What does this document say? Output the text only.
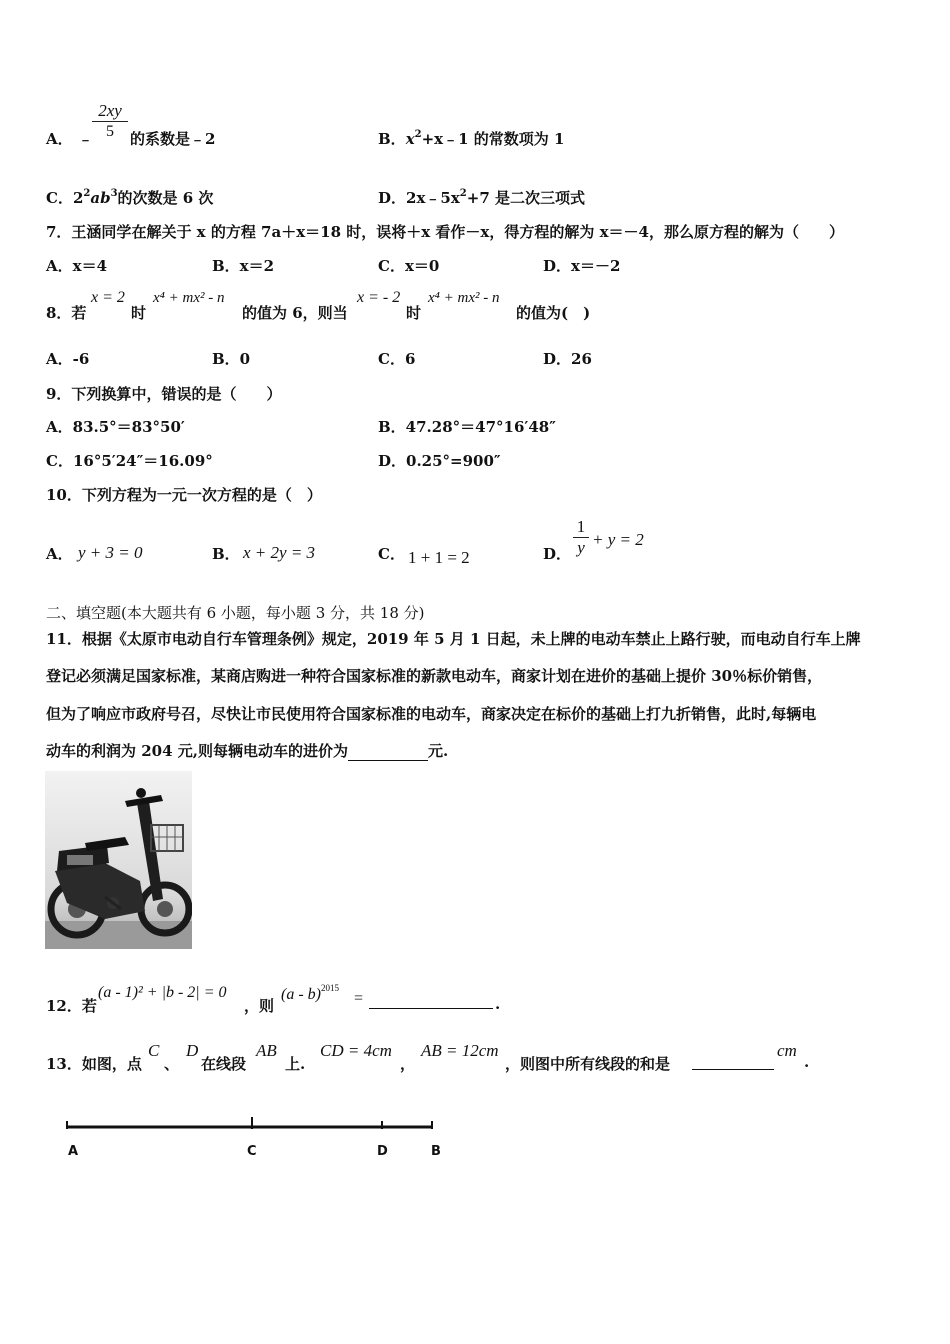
A． ﹣
2xy
5	的系数是﹣2	B．$x^2+x﹣1$ 的常数项为 1
C．$2^2ab^3$的次数是 6 次	D．$2x﹣5x^2+7$ 是二次三项式
7．王涵同学在解关于 x 的方程 7a＋x＝18 时，误将＋x 看作－x，得方程的解为 x＝－4，那么原方程的解为（　　）
A．x＝4	B．x＝2	C．x＝0	D．x＝－2
8．若
x = 2
时
x⁴ + mx² - n
的值为 6，则当
x = - 2
时
x⁴ + mx² - n
的值为(　)
A．-6	B．0	C．6	D．26
9．下列换算中，错误的是（　　）
A．83.5°＝83°50′	B．47.28°＝47°16′48″
C．16°5′24″＝16.09°	D．0.25°=900″
10．下列方程为一元一次方程的是（　）
A． y + 3 = 0	B． x + 2y = 3	C． 1 + 1 = 2	D．
1
y + y = 2
二、填空题(本大题共有 6 小题，每小题 3 分，共 18 分)
11．根据《太原市电动自行车管理条例》规定，2019 年 5 月 1 日起，未上牌的电动车禁止上路行驶，而电动自行车上牌
登记必须满足国家标准，某商店购进一种符合国家标准的新款电动车，商家计划在进价的基础上提价 30％标价销售，
但为了响应市政府号召，尽快让市民使用符合国家标准的电动车，商家决定在标价的基础上打九折销售，此时,每辆电
动车的利润为 204 元,则每辆电动车的进价为	元.
12．若
(a - 1)² + |b - 2| = 0
，则
(a - b)$^{2015}$
=	.
13．如图，点
C
、
D
在线段
AB
上.
CD = 4cm
，
AB = 12cm
，则图中所有线段的和是
cm
.
A	C	D	B
